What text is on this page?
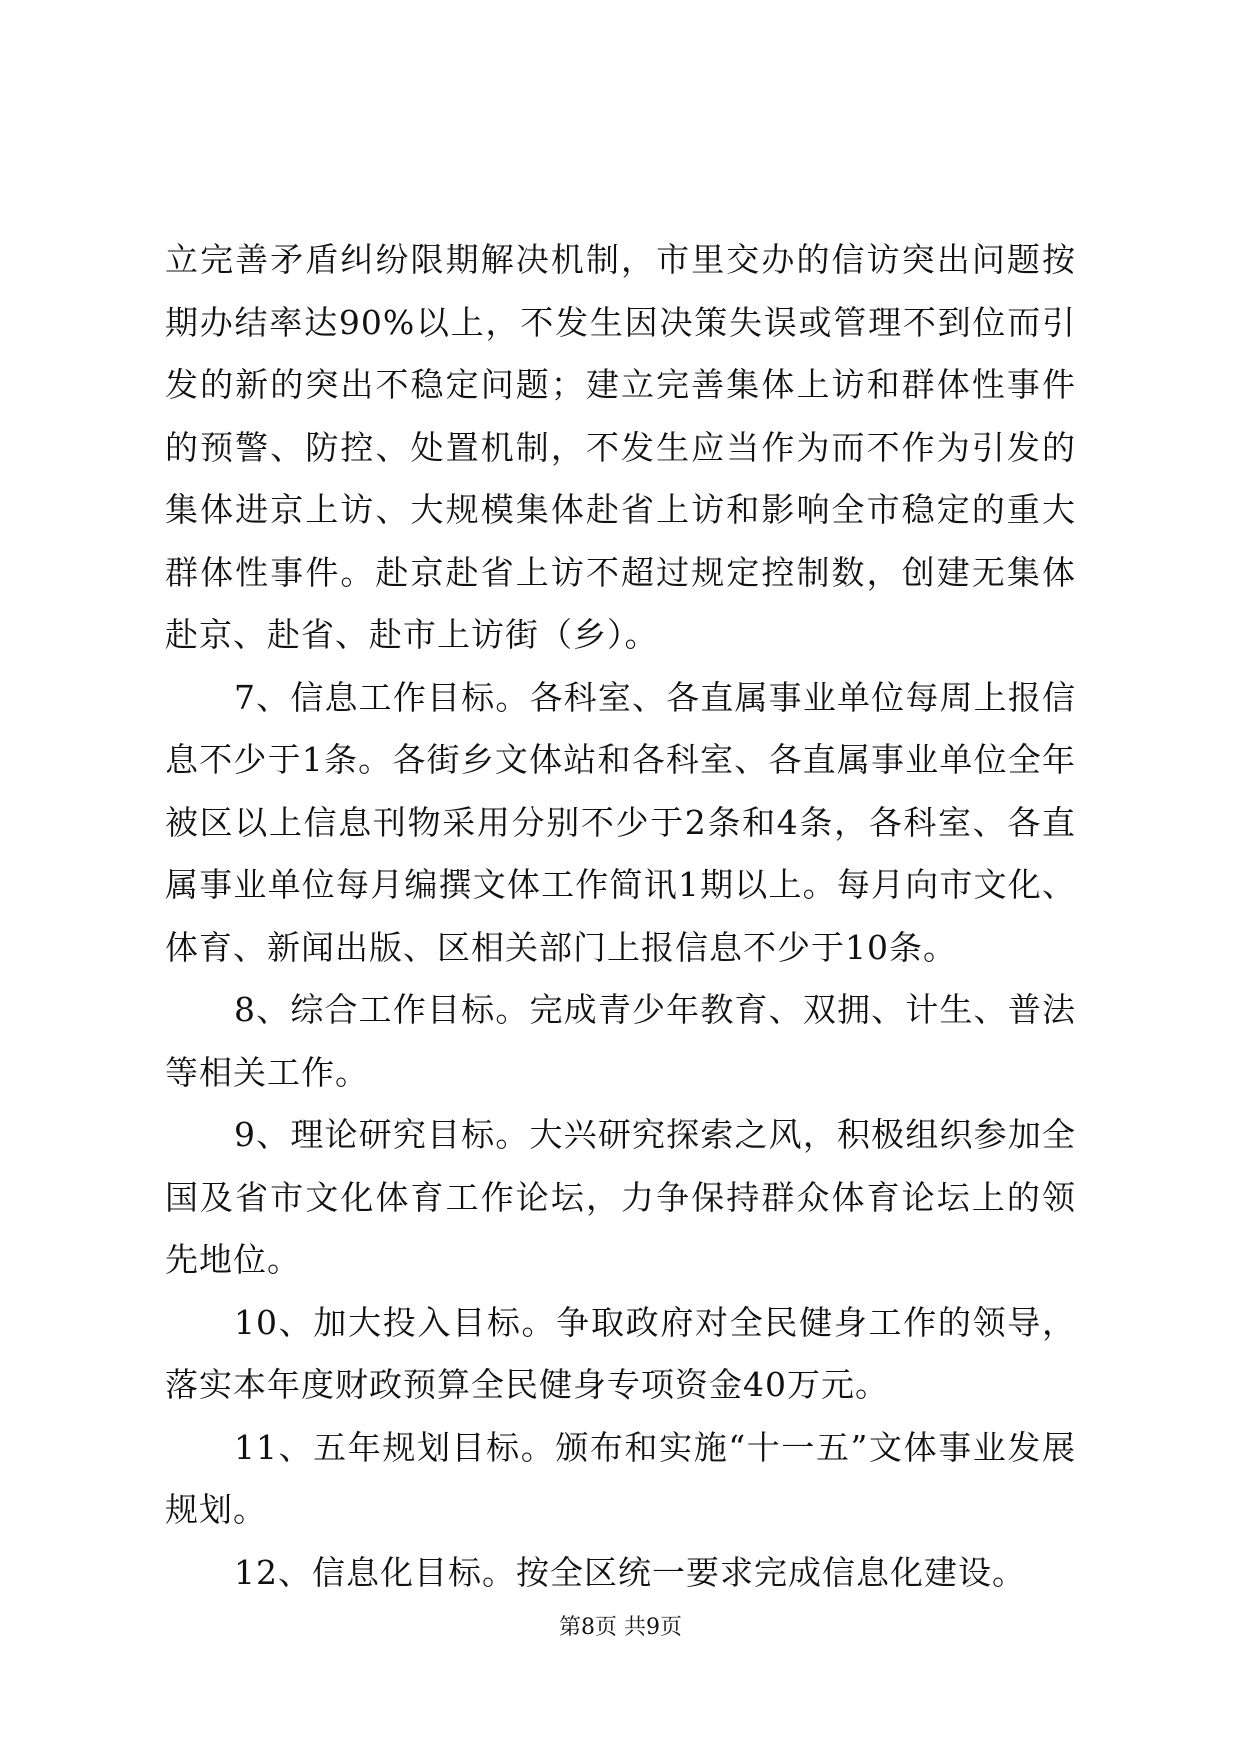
立完善矛盾纠纷限期解决机制，市里交办的信访突出问题按期办结率达90%以上，不发生因决策失误或管理不到位而引发的新的突出不稳定问题；建立完善集体上访和群体性事件的预警、防控、处置机制，不发生应当作为而不作为引发的集体进京上访、大规模集体赴省上访和影响全市稳定的重大群体性事件。赴京赴省上访不超过规定控制数，创建无集体赴京、赴省、赴市上访街（乡）。

7、信息工作目标。各科室、各直属事业单位每周上报信息不少于1条。各街乡文体站和各科室、各直属事业单位全年被区以上信息刊物采用分别不少于2条和4条，各科室、各直属事业单位每月编撰文体工作简讯1期以上。每月向市文化、体育、新闻出版、区相关部门上报信息不少于10条。

8、综合工作目标。完成青少年教育、双拥、计生、普法等相关工作。

9、理论研究目标。大兴研究探索之风，积极组织参加全国及省市文化体育工作论坛，力争保持群众体育论坛上的领先地位。

10、加大投入目标。争取政府对全民健身工作的领导，落实本年度财政预算全民健身专项资金40万元。

11、五年规划目标。颁布和实施“十一五”文体事业发展规划。

12、信息化目标。按全区统一要求完成信息化建设。

第8页 共9页
